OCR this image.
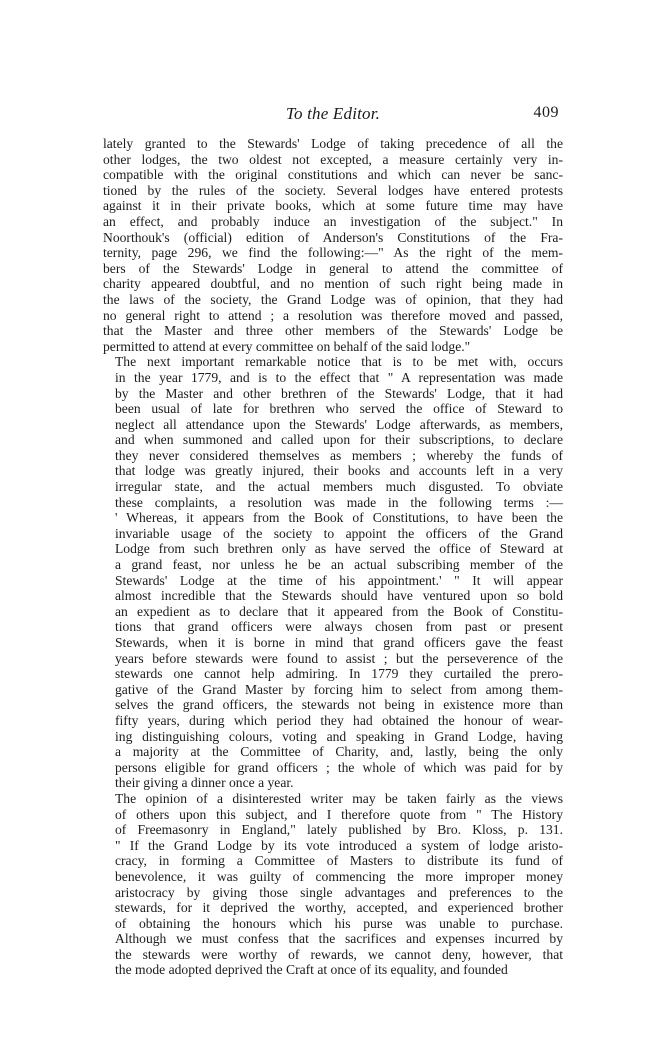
To the Editor.	409
lately granted to the Stewards' Lodge of taking precedence of all the
other lodges, the two oldest not excepted, a measure certainly very in-
compatible with the original constitutions and which can never be sanc-
tioned by the rules of the society. Several lodges have entered protests
against it in their private books, which at some future time may have
an effect, and probably induce an investigation of the subject." In
Noorthouk's (official) edition of Anderson's Constitutions of the Fra-
ternity, page 296, we find the following:—" As the right of the mem-
bers of the Stewards' Lodge in general to attend the committee of
charity appeared doubtful, and no mention of such right being made in
the laws of the society, the Grand Lodge was of opinion, that they had
no general right to attend ; a resolution was therefore moved and passed,
that the Master and three other members of the Stewards' Lodge be
permitted to attend at every committee on behalf of the said lodge."
The next important remarkable notice that is to be met with, occurs
in the year 1779, and is to the effect that " A representation was made
by the Master and other brethren of the Stewards' Lodge, that it had
been usual of late for brethren who served the office of Steward to
neglect all attendance upon the Stewards' Lodge afterwards, as members,
and when summoned and called upon for their subscriptions, to declare
they never considered themselves as members ; whereby the funds of
that lodge was greatly injured, their books and accounts left in a very
irregular state, and the actual members much disgusted. To obviate
these complaints, a resolution was made in the following terms :—
' Whereas, it appears from the Book of Constitutions, to have been the
invariable usage of the society to appoint the officers of the Grand
Lodge from such brethren only as have served the office of Steward at
a grand feast, nor unless he be an actual subscribing member of the
Stewards' Lodge at the time of his appointment.' " It will appear
almost incredible that the Stewards should have ventured upon so bold
an expedient as to declare that it appeared from the Book of Constitu-
tions that grand officers were always chosen from past or present
Stewards, when it is borne in mind that grand officers gave the feast
years before stewards were found to assist ; but the perseverence of the
stewards one cannot help admiring. In 1779 they curtailed the prero-
gative of the Grand Master by forcing him to select from among them-
selves the grand officers, the stewards not being in existence more than
fifty years, during which period they had obtained the honour of wear-
ing distinguishing colours, voting and speaking in Grand Lodge, having
a majority at the Committee of Charity, and, lastly, being the only
persons eligible for grand officers ; the whole of which was paid for by
their giving a dinner once a year.
The opinion of a disinterested writer may be taken fairly as the views
of others upon this subject, and I therefore quote from " The History
of Freemasonry in England," lately published by Bro. Kloss, p. 131.
" If the Grand Lodge by its vote introduced a system of lodge aristo-
cracy, in forming a Committee of Masters to distribute its fund of
benevolence, it was guilty of commencing the more improper money
aristocracy by giving those single advantages and preferences to the
stewards, for it deprived the worthy, accepted, and experienced brother
of obtaining the honours which his purse was unable to purchase.
Although we must confess that the sacrifices and expenses incurred by
the stewards were worthy of rewards, we cannot deny, however, that
the mode adopted deprived the Craft at once of its equality, and founded
